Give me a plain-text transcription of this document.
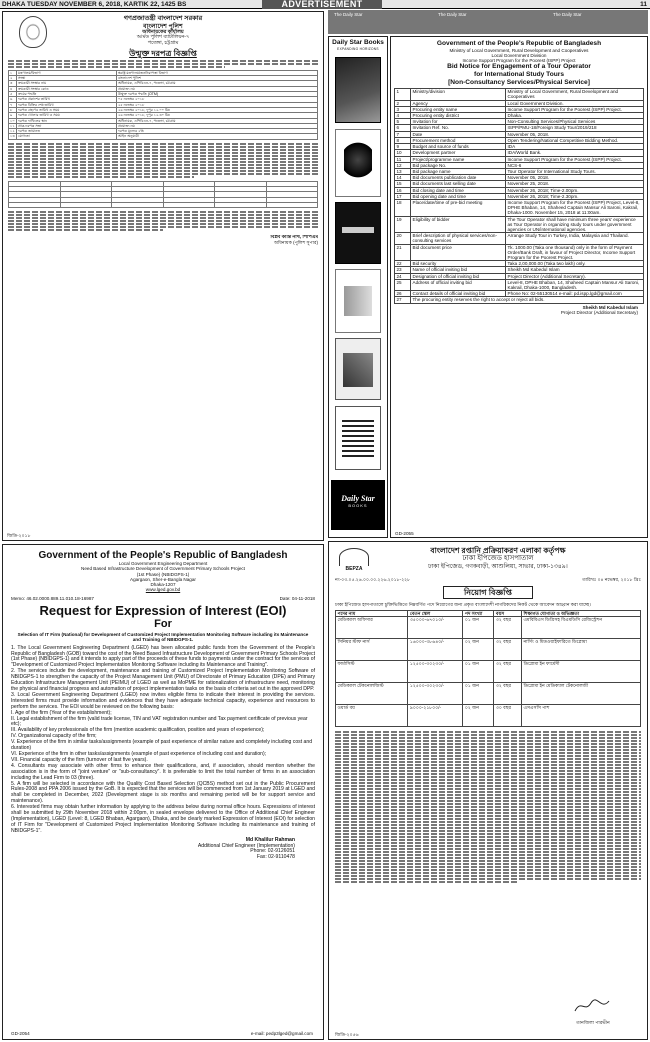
DHAKA TUESDAY NOVEMBER 6, 2018, KARTIK 22, 1425 BS	ADVERTISEMENT	11
গণপ্রজাতন্ত্রী বাংলাদেশ সরকার
বাংলাদেশ পুলিশ
অধিনায়কের কার্যালয়
আর্মড পুলিশ ব্যাটালিয়ন-৭
পতেঙ্গা, চট্টগ্রাম
উন্মুক্ত দরপত্র বিজ্ঞপ্তি
১	মন্ত্রণালয়/বিভাগ	স্বরাষ্ট্র মন্ত্রণালয়/জননিরাপত্তা বিভাগ
২	সংস্থা	বাংলাদেশ পুলিশ
৩	ক্রয়কারী সংস্থার নাম	অধিনায়ক, এপিবিএন-৭, পতেঙ্গা, চট্টগ্রাম
৪	ক্রয়কারী সংস্থার কোড	প্রযোজ্য নয়
৫	ক্রয়ের পদ্ধতি	উন্মুক্ত দরপত্র পদ্ধতি (OTM)
৬	দরপত্র প্রকাশের তারিখ	০৫ নভেম্বর ২০১৮
৭	দরপত্র বিক্রির শেষ তারিখ	২৫ নভেম্বর ২০১৮
৮	দরপত্র গ্রহণের তারিখ ও সময়	২৬ নভেম্বর ২০১৮, দুপুর ১২.০০ মিঃ
৯	দরপত্র খোলার তারিখ ও সময়	২৬ নভেম্বর ২০১৮, দুপুর ১২.৩০ মিঃ
১০	দরপত্র দাখিলের স্থান	অধিনায়ক, এপিবিএন-৭, পতেঙ্গা, চট্টগ্রাম
১১	প্রাক-দরপত্র সভা	প্রযোজ্য নয়
১২	দরপত্র জামানত	দরপত্র মূল্যের ২%
১৩	যোগ্যতা	আইন অনুযায়ী

বিপ্লব কান্তি নাথ, পিপিএম
অধিনায়ক (পুলিশ সুপার)
জিডি-২০১৮
Government of the People's Republic of Bangladesh
Local Government Engineering Department
Need Based Infrastructure Development of Government Primary Schools Project
(1st Phase) (NBIDGPS-1)
Agargaon, Sher-e-Bangla Nagar
Dhaka-1207
www.lged.gov.bd
Memo: 46.02.0000.889.11.010.18-16987	Date: 04-11-2018
Request for Expression of Interest (EOI)
For
Selection of IT Firm (National) for Development of Customized Project Implementation Monitoring Software including its Maintenance and Training of NBIDGPS-1.
1. The Local Government Engineering Department (LGED) has been allocated public funds from the Government of the People's Republic of Bangladesh (GOB) toward the cost of the Need Based Infrastructure Development of Government Primary Schools Project (1st Phase) (NBIDGPS-1) and it intends to apply part of the proceeds of these funds to payments under the contract for the services of "Development of Customized Project Implementation Monitoring Software including its Maintenance and Training".
2. The services include the development, maintenance and training of Customized Project Implementation Monitoring Software of NBIDGPS-1 to strengthen the capacity of the Project Management Unit (PMU) of Directorate of Primary Education (DPE) and Primary Education Infrastructure Management Unit (PEIMU) of LGED as well as MoPME for rationalization of infrastructure need, monitoring the physical and financial progress and automation of project implementation tasks on the basis of criteria set out in the approved DPP.
3. Local Government Engineering Department (LGED) now invites eligible firms to indicate their interest in providing the services. Interested firms must provide information and evidences that they have adequate technical capacity, experience and resources to perform the services. The EOI would be reviewed on the following basis:
I. Age of the firm (Year of the establishment);
II. Legal establishment of the firm (valid trade license, TIN and VAT registration number and Tax payment certificate of previous year etc);
III. Availability of key professionals of the firm (mention academic qualification, position and years of experience);
IV. Organizational capacity of the firm;
V. Experience of the firm in similar tasks/assignments (example of past experience of similar nature and completely including cost and duration)
VI. Experience of the firm in other tasks/assignments (example of past experience of including cost and duration);
VII. Financial capacity of the firm (turnover of last five years).
4. Consultants may associate with other firms to enhance their qualifications, and, if association, should mention whether the association is in the form of "joint venture" or "sub-consultancy". It is preferable to limit the total number of firms in an association including the Lead Firm to 03 (three).
5. A firm will be selected in accordance with the Quality Cost Based Selection (QCBS) method set out in the Public Procurement Rules-2008 and PPA 2006 issued by the GoB. It is expected that the services will be commenced from 1st January 2019 at LGED and shall be completed in December, 2022 (Development stage is six months and remaining period will be for support service and maintenance).
6. Interested firms may obtain further information by applying to the address below during normal office hours. Expressions of interest shall be submitted by 29th November 2018 within 2:00pm, in sealed envelope delivered to the Office of Additional Chief Engineer (Implementation), LGED (Level: 8, LGED Bhaban, Agargaon), Dhaka, and be clearly marked Expression of Interest (EOI) for selection of IT Firm for "Development of Customized Project Implementation Monitoring Software including its maintenance and training of NBIDGPS-1".
Md Khalilur Rahman
Additional Chief Engineer (Implementation)
Phone: 02-9126051
Fax: 02-9110478
GD-2054	e-mail: pedp3lged@gmail.com
The Daily Star	The Daily Star	The Daily Star
Daily Star Books
EXPANDING HORIZONS
Daily Star
BOOKS
Government of the People's Republic of Bangladesh
Ministry of Local Government, Rural Development and Cooperatives
Local Government Division
Income Support Program for the Poorest (ISPP) Project
Bid Notice for Engagement of a Tour Operator
for International Study Tours
[Non-Consultancy Services/Physical Service]
1	Ministry/division	Ministry of Local Government, Rural Development and Cooperatives
2	Agency	Local Government Division.
3	Procuring entity name	Income Support Program for the Poorest (ISPP) Project.
4	Procuring entity district	Dhaka.
5	Invitation for	Non-Consulting Services/Physical Services
6	Invitation Ref. No.	ISPP/PMU-18/Foreign Study Tour/2019/218
7	Date	November 05, 2018.
8	Procurement method	Open Tendering/National Competitive Bidding Method.
9	Budget and source of funds	IDA
10	Development partner	IDA/World Bank.
11	Project/programme name	Income Support Program for the Poorest (ISPP) Project.
12	Bid package No.	NCS-6
13	Bid package name	Tour Operator for International Study Tours.
14	Bid documents publication date	November 05, 2018.
15	Bid documents last selling date	November 25, 2018.
16	Bid closing date and time	November 26, 2018; Time-2.00pm.
17	Bid opening date and time	November 26, 2018; Time-2.30pm.
18	Place/date/time of pre-bid meeting	Income Support Program for the Poorest (ISPP) Project, Level-8, DPHE Bhaban, 14, Shaheed Captain Mansur Ali Saroni, Kakrail, Dhaka-1000. November 15, 2018 at 11:00am.
19	Eligibility of bidder	The Tour Operator shall have minimum three years' experience as Tour Operator in organizing study tours under government agencies or UN/international agencies.
20	Brief description of physical services/non-consulting services	Arrange Study Tour in Turkey, India, Malaysia and Thailand.
21	Bid document price	Tk. 1000.00 (Taka one thousand) only in the form of Payment Order/Bank Draft, in favour of Project Director, Income Support Program for the Poorest Project.
22	Bid security	Taka 2,00,000.00 (Taka two lakh) only.
23	Name of official inviting bid	Sheikh Md Kabedul Islam
24	Designation of official inviting bid	Project Director (Additional Secretary).
25	Address of official inviting bid	Level-8, DPHE Bhaban, 14, Shaheed Captain Mansur Ali Saroni, Kakrail, Dhaka-1000, Bangladesh.
26	Contact details of official inviting bid	Phone No: 02-55130514 e-mail: pd.ispp.lgd@gmail.com
27	The procuring entity reserves the right to accept or reject all bids.	
Sheikh Md Kabedul Islam
Project Director (Additional Secretary)
GD-2055
BEPZA
বাংলাদেশ রপ্তানি প্রক্রিয়াকরণ এলাকা কর্তৃপক্ষ
ঢাকা ইপিজেড হাসপাতাল
ঢাকা ইপিজেড, গণকবাড়ী, আশুলিয়া, সাভার, ঢাকা-১৩৪৯।
নং-০৩.০৫.২৬.০০.০০.২২৬.২০১৮-২২৮	তারিখঃ ০৪ নভেম্বর, ২০১৮ খ্রিঃ
নিয়োগ বিজ্ঞপ্তি
ঢাকা ইপিজেড হাসপাতালে চুক্তিভিত্তিতে নিম্নবর্ণিত পদে নিয়োগের জন্য প্রকৃত বাংলাদেশী নাগরিকদের নিকট থেকে আবেদন আহ্বান করা যাচ্ছে।
পদের নাম	বেতন স্কেল	পদ সংখ্যা	বয়স	শিক্ষাগত যোগ্যতা ও অভিজ্ঞতা
মেডিক্যাল অফিসার	৩৫০০০-৬৭০১০/-	০১ জন	৩২ বছর	এমবিবিএস ডিগ্রিসহ বিএমডিসি রেজিস্ট্রেশন
সিনিয়র স্টাফ নার্স	১৬০০০-৩৮৬৪০/-	০২ জন	৩২ বছর	নার্সিং ও মিডওয়াইফারিতে ডিপ্লোমা
ফার্মাসিস্ট	১২৫০০-৩০২৩০/-	০১ জন	৩২ বছর	ডিপ্লোমা ইন ফার্মেসী
মেডিক্যাল টেকনোলজিস্ট	১২৫০০-৩০২৩০/-	০১ জন	৩২ বছর	ডিপ্লোমা ইন মেডিক্যাল টেকনোলজী
ওয়ার্ড বয়	৯০০০-২১৮০০/-	০২ জন	৩০ বছর	এসএসসি পাশ
তানজিলা পারভীন
জিডি-২০৫৬
